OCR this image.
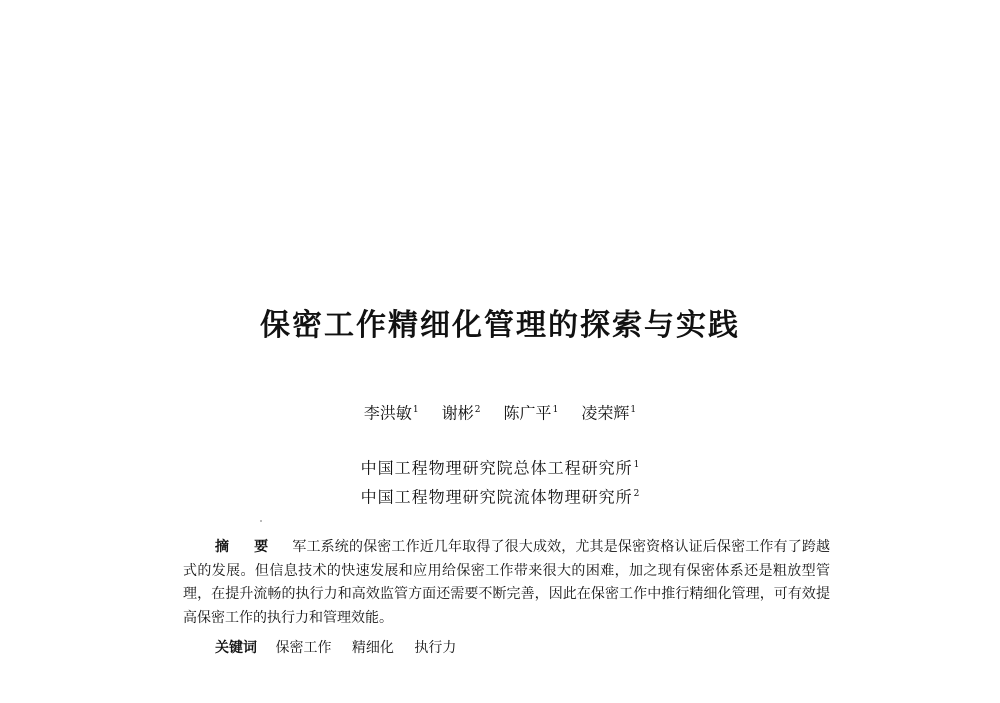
保密工作精细化管理的探索与实践
李洪敏$^1$ 谢彬$^2$ 陈广平$^1$ 凌荣辉$^1$
中国工程物理研究院总体工程研究所$^1$
中国工程物理研究院流体物理研究所$^2$
摘 要 军工系统的保密工作近几年取得了很大成效，尤其是保密资格认证后保密工作有了跨越式的发展。但信息技术的快速发展和应用给保密工作带来很大的困难，加之现有保密体系还是粗放型管理，在提升流畅的执行力和高效监管方面还需要不断完善，因此在保密工作中推行精细化管理，可有效提高保密工作的执行力和管理效能。
关键词 保密工作 精细化 执行力
